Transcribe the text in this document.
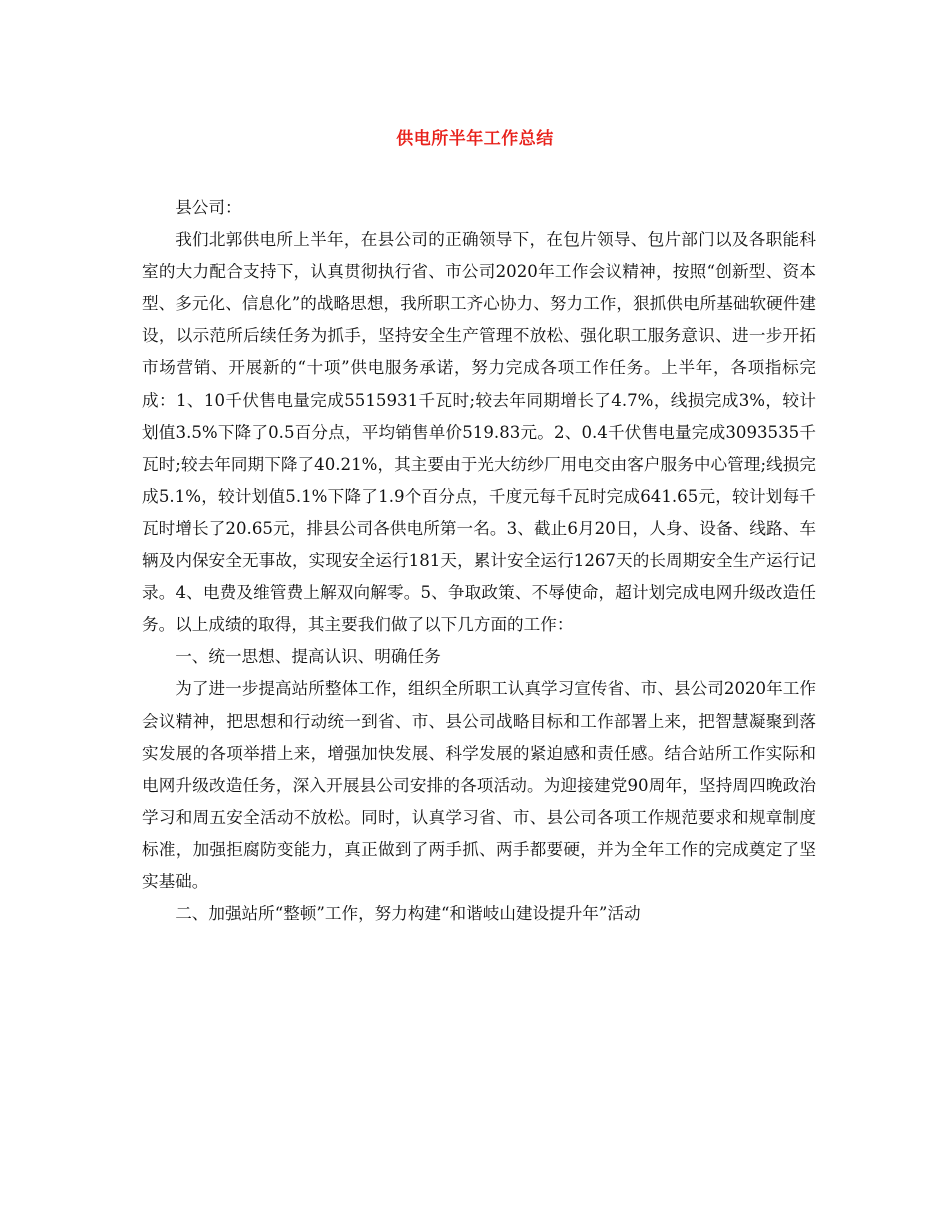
供电所半年工作总结

县公司：

我们北郭供电所上半年，在县公司的正确领导下，在包片领导、包片部门以及各职能科室的大力配合支持下，认真贯彻执行省、市公司2020年工作会议精神，按照“创新型、资本型、多元化、信息化”的战略思想，我所职工齐心协力、努力工作，狠抓供电所基础软硬件建设，以示范所后续任务为抓手，坚持安全生产管理不放松、强化职工服务意识、进一步开拓市场营销、开展新的“十项”供电服务承诺，努力完成各项工作任务。上半年，各项指标完成：1、10千伏售电量完成5515931千瓦时;较去年同期增长了4.7%，线损完成3%，较计划值3.5%下降了0.5百分点，平均销售单价519.83元。2、0.4千伏售电量完成3093535千瓦时;较去年同期下降了40.21%，其主要由于光大纺纱厂用电交由客户服务中心管理;线损完成5.1%，较计划值5.1%下降了1.9个百分点，千度元每千瓦时完成641.65元，较计划每千瓦时增长了20.65元，排县公司各供电所第一名。3、截止6月20日，人身、设备、线路、车辆及内保安全无事故，实现安全运行181天，累计安全运行1267天的长周期安全生产运行记录。4、电费及维管费上解双向解零。5、争取政策、不辱使命，超计划完成电网升级改造任务。以上成绩的取得，其主要我们做了以下几方面的工作：

一、统一思想、提高认识、明确任务

为了进一步提高站所整体工作，组织全所职工认真学习宣传省、市、县公司2020年工作会议精神，把思想和行动统一到省、市、县公司战略目标和工作部署上来，把智慧凝聚到落实发展的各项举措上来，增强加快发展、科学发展的紧迫感和责任感。结合站所工作实际和电网升级改造任务，深入开展县公司安排的各项活动。为迎接建党90周年，坚持周四晚政治学习和周五安全活动不放松。同时，认真学习省、市、县公司各项工作规范要求和规章制度标准，加强拒腐防变能力，真正做到了两手抓、两手都要硬，并为全年工作的完成奠定了坚实基础。

二、加强站所“整顿”工作，努力构建“和谐岐山建设提升年”活动
